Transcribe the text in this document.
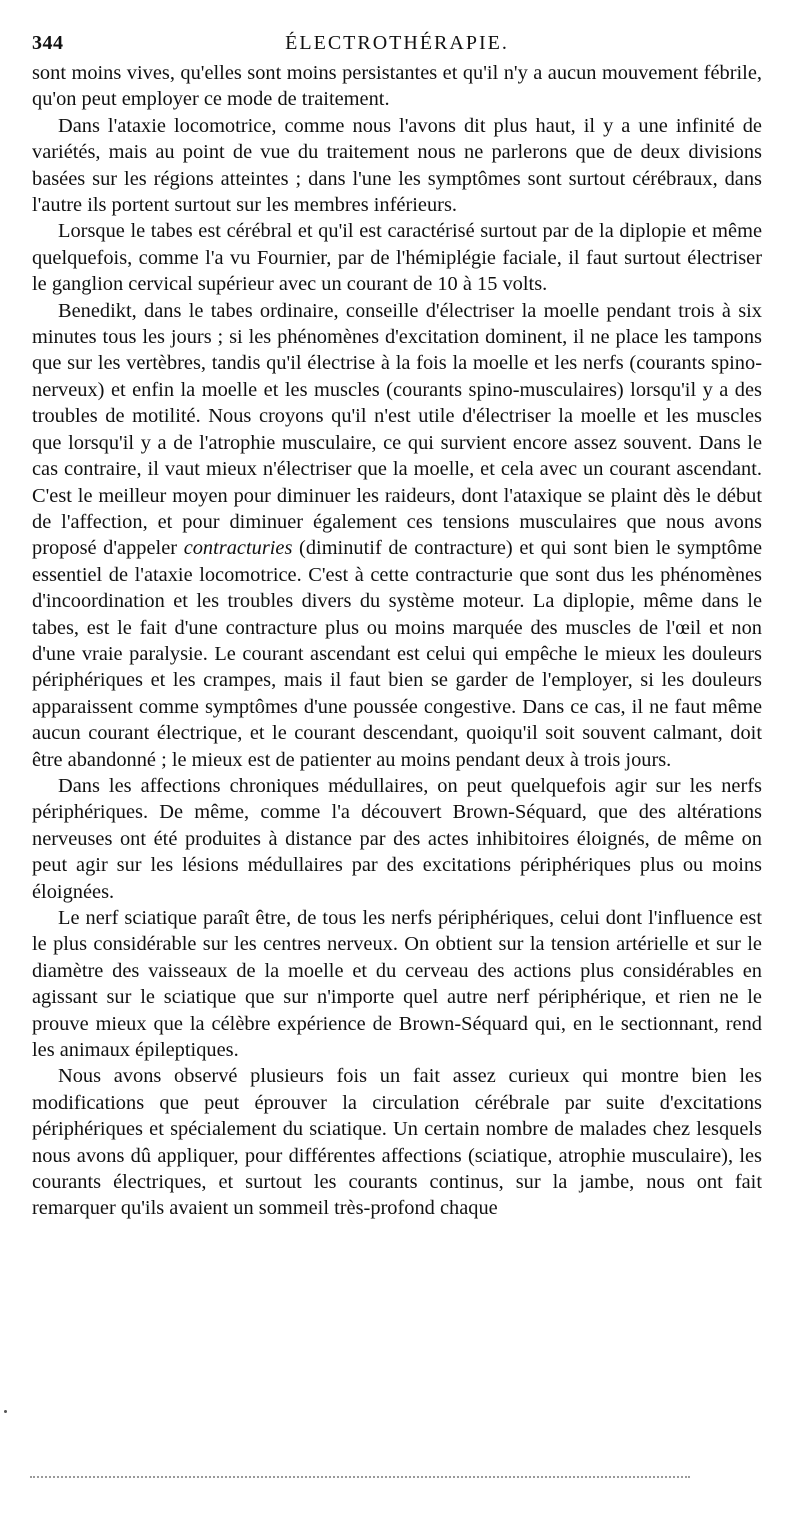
344	ÉLECTROTHÉRAPIE.

sont moins vives, qu'elles sont moins persistantes et qu'il n'y a aucun mouvement fébrile, qu'on peut employer ce mode de traitement.

Dans l'ataxie locomotrice, comme nous l'avons dit plus haut, il y a une infinité de variétés, mais au point de vue du traitement nous ne parlerons que de deux divisions basées sur les régions atteintes ; dans l'une les symptômes sont surtout cérébraux, dans l'autre ils portent surtout sur les membres inférieurs.

Lorsque le tabes est cérébral et qu'il est caractérisé surtout par de la diplopie et même quelquefois, comme l'a vu Fournier, par de l'hémiplégie faciale, il faut surtout électriser le ganglion cervical supérieur avec un courant de 10 à 15 volts.

Benedikt, dans le tabes ordinaire, conseille d'électriser la moelle pendant trois à six minutes tous les jours ; si les phénomènes d'excitation dominent, il ne place les tampons que sur les vertèbres, tandis qu'il électrise à la fois la moelle et les nerfs (courants spino-nerveux) et enfin la moelle et les muscles (courants spino-musculaires) lorsqu'il y a des troubles de motilité. Nous croyons qu'il n'est utile d'électriser la moelle et les muscles que lorsqu'il y a de l'atrophie musculaire, ce qui survient encore assez souvent. Dans le cas contraire, il vaut mieux n'électriser que la moelle, et cela avec un courant ascendant. C'est le meilleur moyen pour diminuer les raideurs, dont l'ataxique se plaint dès le début de l'affection, et pour diminuer également ces tensions musculaires que nous avons proposé d'appeler contracturies (diminutif de contracture) et qui sont bien le symptôme essentiel de l'ataxie locomotrice. C'est à cette contracturie que sont dus les phénomènes d'incoordination et les troubles divers du système moteur. La diplopie, même dans le tabes, est le fait d'une contracture plus ou moins marquée des muscles de l'œil et non d'une vraie paralysie. Le courant ascendant est celui qui empêche le mieux les douleurs périphériques et les crampes, mais il faut bien se garder de l'employer, si les douleurs apparaissent comme symptômes d'une poussée congestive. Dans ce cas, il ne faut même aucun courant électrique, et le courant descendant, quoiqu'il soit souvent calmant, doit être abandonné ; le mieux est de patienter au moins pendant deux à trois jours.

Dans les affections chroniques médullaires, on peut quelquefois agir sur les nerfs périphériques. De même, comme l'a découvert Brown-Séquard, que des altérations nerveuses ont été produites à distance par des actes inhibitoires éloignés, de même on peut agir sur les lésions médullaires par des excitations périphériques plus ou moins éloignées.

Le nerf sciatique paraît être, de tous les nerfs périphériques, celui dont l'influence est le plus considérable sur les centres nerveux. On obtient sur la tension artérielle et sur le diamètre des vaisseaux de la moelle et du cerveau des actions plus considérables en agissant sur le sciatique que sur n'importe quel autre nerf périphérique, et rien ne le prouve mieux que la célèbre expérience de Brown-Séquard qui, en le sectionnant, rend les animaux épileptiques.

Nous avons observé plusieurs fois un fait assez curieux qui montre bien les modifications que peut éprouver la circulation cérébrale par suite d'excitations périphériques et spécialement du sciatique. Un certain nombre de malades chez lesquels nous avons dû appliquer, pour différentes affections (sciatique, atrophie musculaire), les courants électriques, et surtout les courants continus, sur la jambe, nous ont fait remarquer qu'ils avaient un sommeil très-profond chaque
